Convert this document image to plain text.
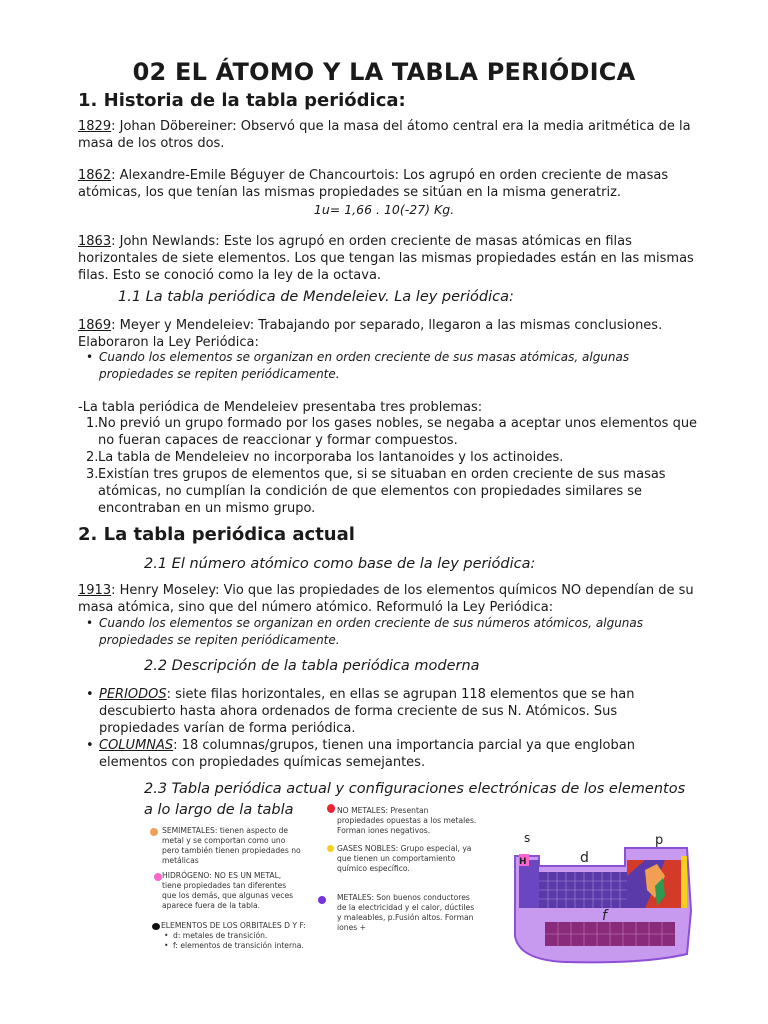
02 EL ÁTOMO Y LA TABLA PERIÓDICA
1. Historia de la tabla periódica:
1829: Johan Döbereiner: Observó que la masa del átomo central era la media aritmética de la masa de los otros dos.
1862: Alexandre-Emile Béguyer de Chancourtois: Los agrupó en orden creciente de masas atómicas, los que tenían las mismas propiedades se sitúan en la misma generatriz.
1u= 1,66 . 10(-27) Kg.
1863: John Newlands: Este los agrupó en orden creciente de masas atómicas en filas horizontales de siete elementos. Los que tengan las mismas propiedades están en las mismas filas. Esto se conoció como la ley de la octava.
1.1 La tabla periódica de Mendeleiev. La ley periódica:
1869: Meyer y Mendeleiev: Trabajando por separado, llegaron a las mismas conclusiones. Elaboraron la Ley Periódica:
• Cuando los elementos se organizan en orden creciente de sus masas atómicas, algunas propiedades se repiten periódicamente.
-La tabla periódica de Mendeleiev presentaba tres problemas:
1. No previó un grupo formado por los gases nobles, se negaba a aceptar unos elementos que no fueran capaces de reaccionar y formar compuestos.
2. La tabla de Mendeleiev no incorporaba los lantanoides y los actinoides.
3. Existían tres grupos de elementos que, si se situaban en orden creciente de sus masas atómicas, no cumplían la condición de que elementos con propiedades similares se encontraban en un mismo grupo.
2. La tabla periódica actual
2.1 El número atómico como base de la ley periódica:
1913: Henry Moseley: Vio que las propiedades de los elementos químicos NO dependían de su masa atómica, sino que del número atómico. Reformuló la Ley Periódica:
• Cuando los elementos se organizan en orden creciente de sus números atómicos, algunas propiedades se repiten periódicamente.
2.2 Descripción de la tabla periódica moderna
• PERIODOS: siete filas horizontales, en ellas se agrupan 118 elementos que se han descubierto hasta ahora ordenados de forma creciente de sus N. Atómicos. Sus propiedades varían de forma periódica.
• COLUMNAS: 18 columnas/grupos, tienen una importancia parcial ya que engloban elementos con propiedades químicas semejantes.
2.3 Tabla periódica actual y configuraciones electrónicas de los elementos a lo largo de la tabla
SEMIMETALES: tienen aspecto de metal y se comportan como uno pero también tienen propiedades no metálicas
HIDRÓGENO: NO ES UN METAL, tiene propiedades tan diferentes que los demás, que algunas veces aparece fuera de la tabla.
ELEMENTOS DE LOS ORBITALES D Y F:
• d: metales de transición.
• f: elementos de transición interna.
NO METALES: Presentan propiedades opuestas a los metales. Forman iones negativos.
GASES NOBLES: Grupo especial, ya que tienen un comportamiento químico específico.
METALES: Son buenos conductores de la electricidad y el calor, dúctiles y maleables, p.Fusión altos. Forman iones +
s
H	d
p
f
